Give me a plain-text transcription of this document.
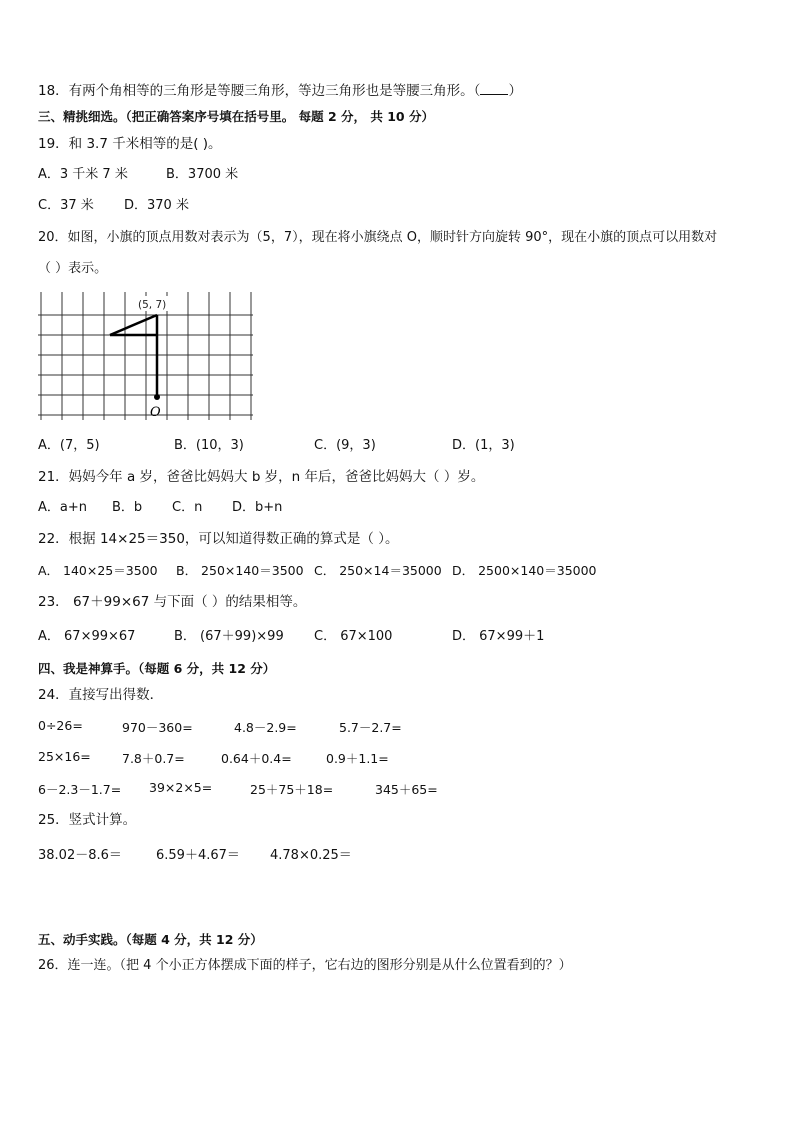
18．有两个角相等的三角形是等腰三角形，等边三角形也是等腰三角形。（ ）
三、精挑细选。（把正确答案序号填在括号里。 每题 2 分， 共 10 分）
19．和 3.7 千米相等的是( )。
A．3 千米 7 米	B．3700 米
C．37 米 D．370 米
20．如图，小旗的顶点用数对表示为（5，7），现在将小旗绕点 O，顺时针方向旋转 90°，现在小旗的顶点可以用数对
（ ）表示。
(5, 7)
O
A．(7，5)	B．(10，3)	C．(9，3)	D．(1，3)
21．妈妈今年 a 岁，爸爸比妈妈大 b 岁，n 年后，爸爸比妈妈大（ ）岁。
A．a+n B．b C．n D．b+n
22．根据 14×25＝350，可以知道得数正确的算式是（ ）。
A． 140×25＝3500 B． 250×140＝3500 C． 250×14＝35000 D． 2500×140＝35000
23． 67＋99×67 与下面（ ）的结果相等。
A． 67×99×67	B． (67＋99)×99 C． 67×100	D． 67×99＋1
四、我是神算手。（每题 6 分，共 12 分）
24．直接写出得数．
0÷26=	970－360=	4.8－2.9=	5.7－2.7=
25×16= 7.8＋0.7=	0.64＋0.4=	0.9＋1.1=
6－2.3－1.7= 39×2×5=	25＋75＋18=	345＋65=
25．竖式计算。
38.02－8.6＝	6.59＋4.67＝ 4.78×0.25＝
五、动手实践。（每题 4 分，共 12 分）
26．连一连。（把 4 个小正方体摆成下面的样子，它右边的图形分别是从什么位置看到的？）
